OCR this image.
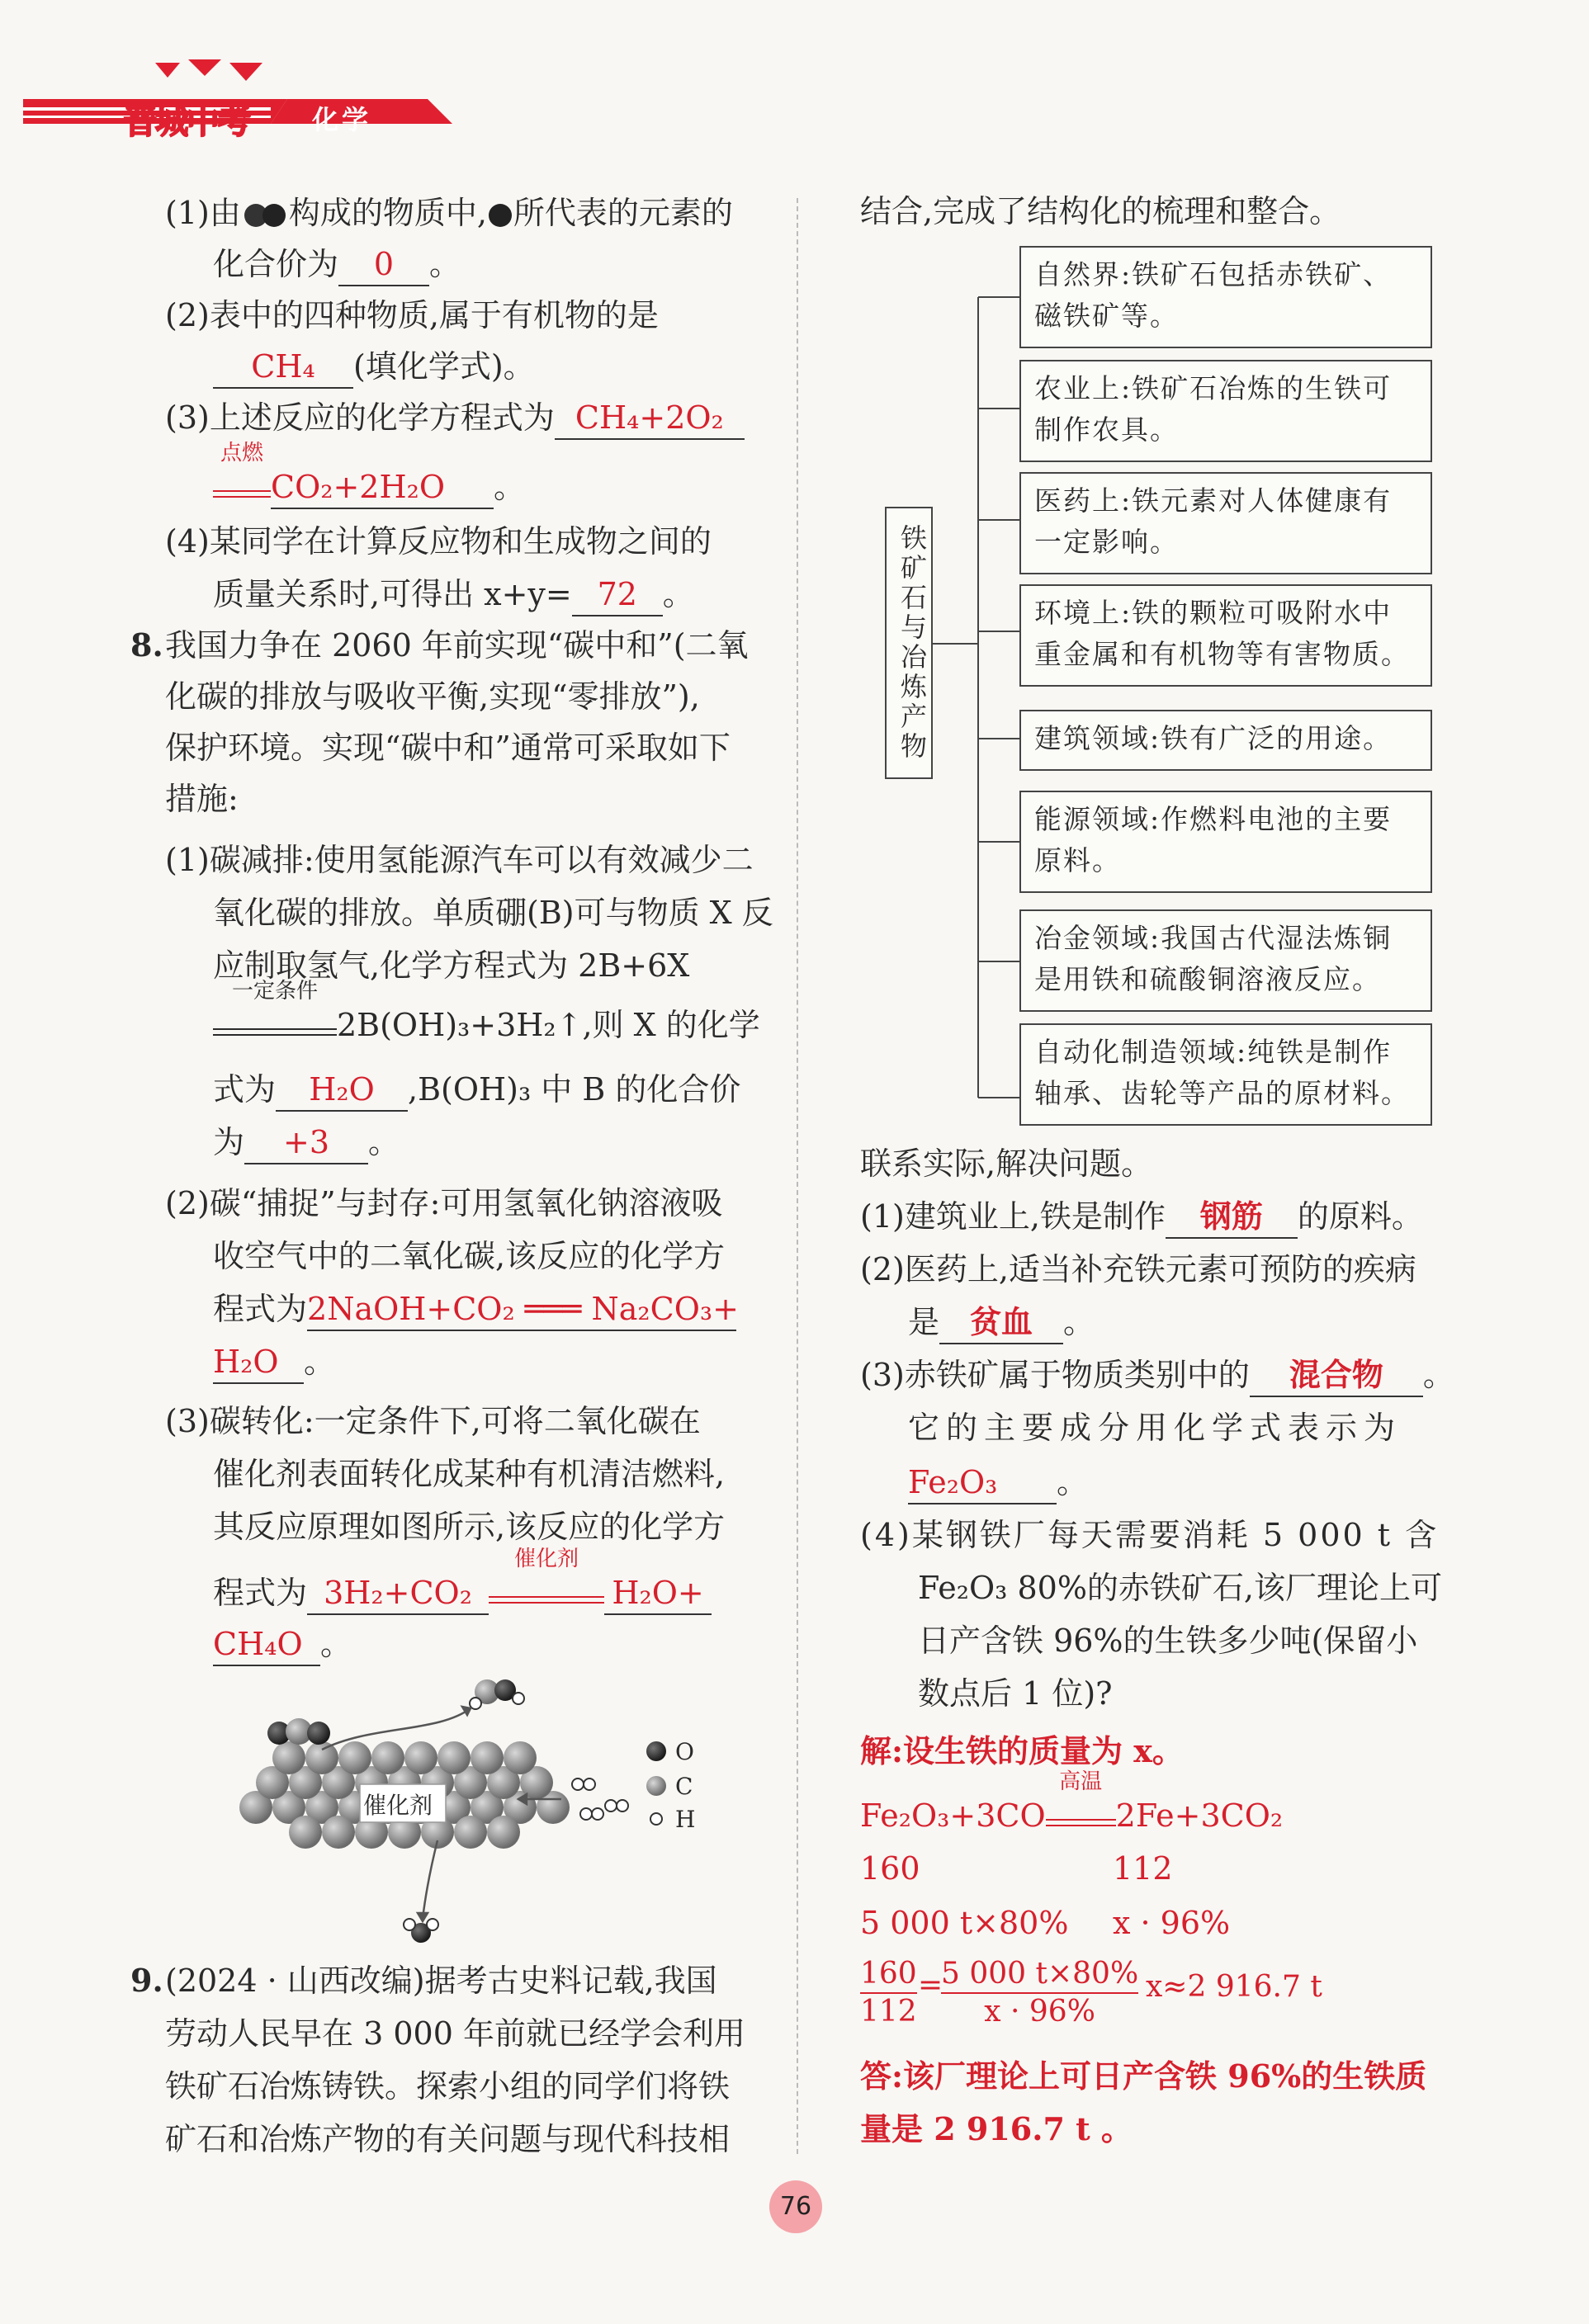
晋城中考 化学
(1)由 构成的物质中, 所代表的元素的
化合价为 0 。
(2)表中的四种物质,属于有机物的是
CH₄ (填化学式)。
(3)上述反应的化学方程式为 CH₄+2O₂
点燃
CO₂+2H₂O 。
(4)某同学在计算反应物和生成物之间的
质量关系时,可得出 x+y= 72 。
8. 我国力争在 2060 年前实现“碳中和”(二氧
化碳的排放与吸收平衡,实现“零排放”),
保护环境。实现“碳中和”通常可采取如下
措施:
(1)碳减排:使用氢能源汽车可以有效减少二
氧化碳的排放。单质硼(B)可与物质 X 反
应制取氢气,化学方程式为 2B+6X
一定条件
2B(OH)₃+3H₂↑,则 X 的化学
式为 H₂O ,B(OH)₃ 中 B 的化合价
为 +3 。
(2)碳“捕捉”与封存:可用氢氧化钠溶液吸
收空气中的二氧化碳,该反应的化学方
程式为2NaOH+CO₂ ═══ Na₂CO₃+
H₂O 。
(3)碳转化:一定条件下,可将二氧化碳在
催化剂表面转化成某种有机清洁燃料,
其反应原理如图所示,该反应的化学方
程式为 3H₂+CO₂
催化剂
H₂O+
CH₄O 。
催化剂
O
C
H
9. (2024 · 山西改编)据考古史料记载,我国
劳动人民早在 3 000 年前就已经学会利用
铁矿石冶炼铸铁。探索小组的同学们将铁
矿石和冶炼产物的有关问题与现代科技相
结合,完成了结构化的梳理和整合。
铁矿石与冶炼产物
自然界:铁矿石包括赤铁矿、
磁铁矿等。
农业上:铁矿石冶炼的生铁可
制作农具。
医药上:铁元素对人体健康有
一定影响。
环境上:铁的颗粒可吸附水中
重金属和有机物等有害物质。
建筑领域:铁有广泛的用途。
能源领域:作燃料电池的主要
原料。
冶金领域:我国古代湿法炼铜
是用铁和硫酸铜溶液反应。
自动化制造领域:纯铁是制作
轴承、齿轮等产品的原材料。
联系实际,解决问题。
(1)建筑业上,铁是制作 钢筋 的原料。
(2)医药上,适当补充铁元素可预防的疾病
是 贫血 。
(3)赤铁矿属于物质类别中的 混合物 。
它的主要成分用化学式表示为
Fe₂O₃ 。
(4)某钢铁厂每天需要消耗 5 000 t 含
Fe₂O₃ 80%的赤铁矿石,该厂理论上可
日产含铁 96%的生铁多少吨(保留小
数点后 1 位)?
解:设生铁的质量为 x。
Fe₂O₃+3CO
高温
2Fe+3CO₂
160	112
5 000 t×80% x · 96%
160
112
=
5 000 t×80%
x · 96%
x≈2 916.7 t
答:该厂理论上可日产含铁 96%的生铁质
量是 2 916.7 t 。
76
